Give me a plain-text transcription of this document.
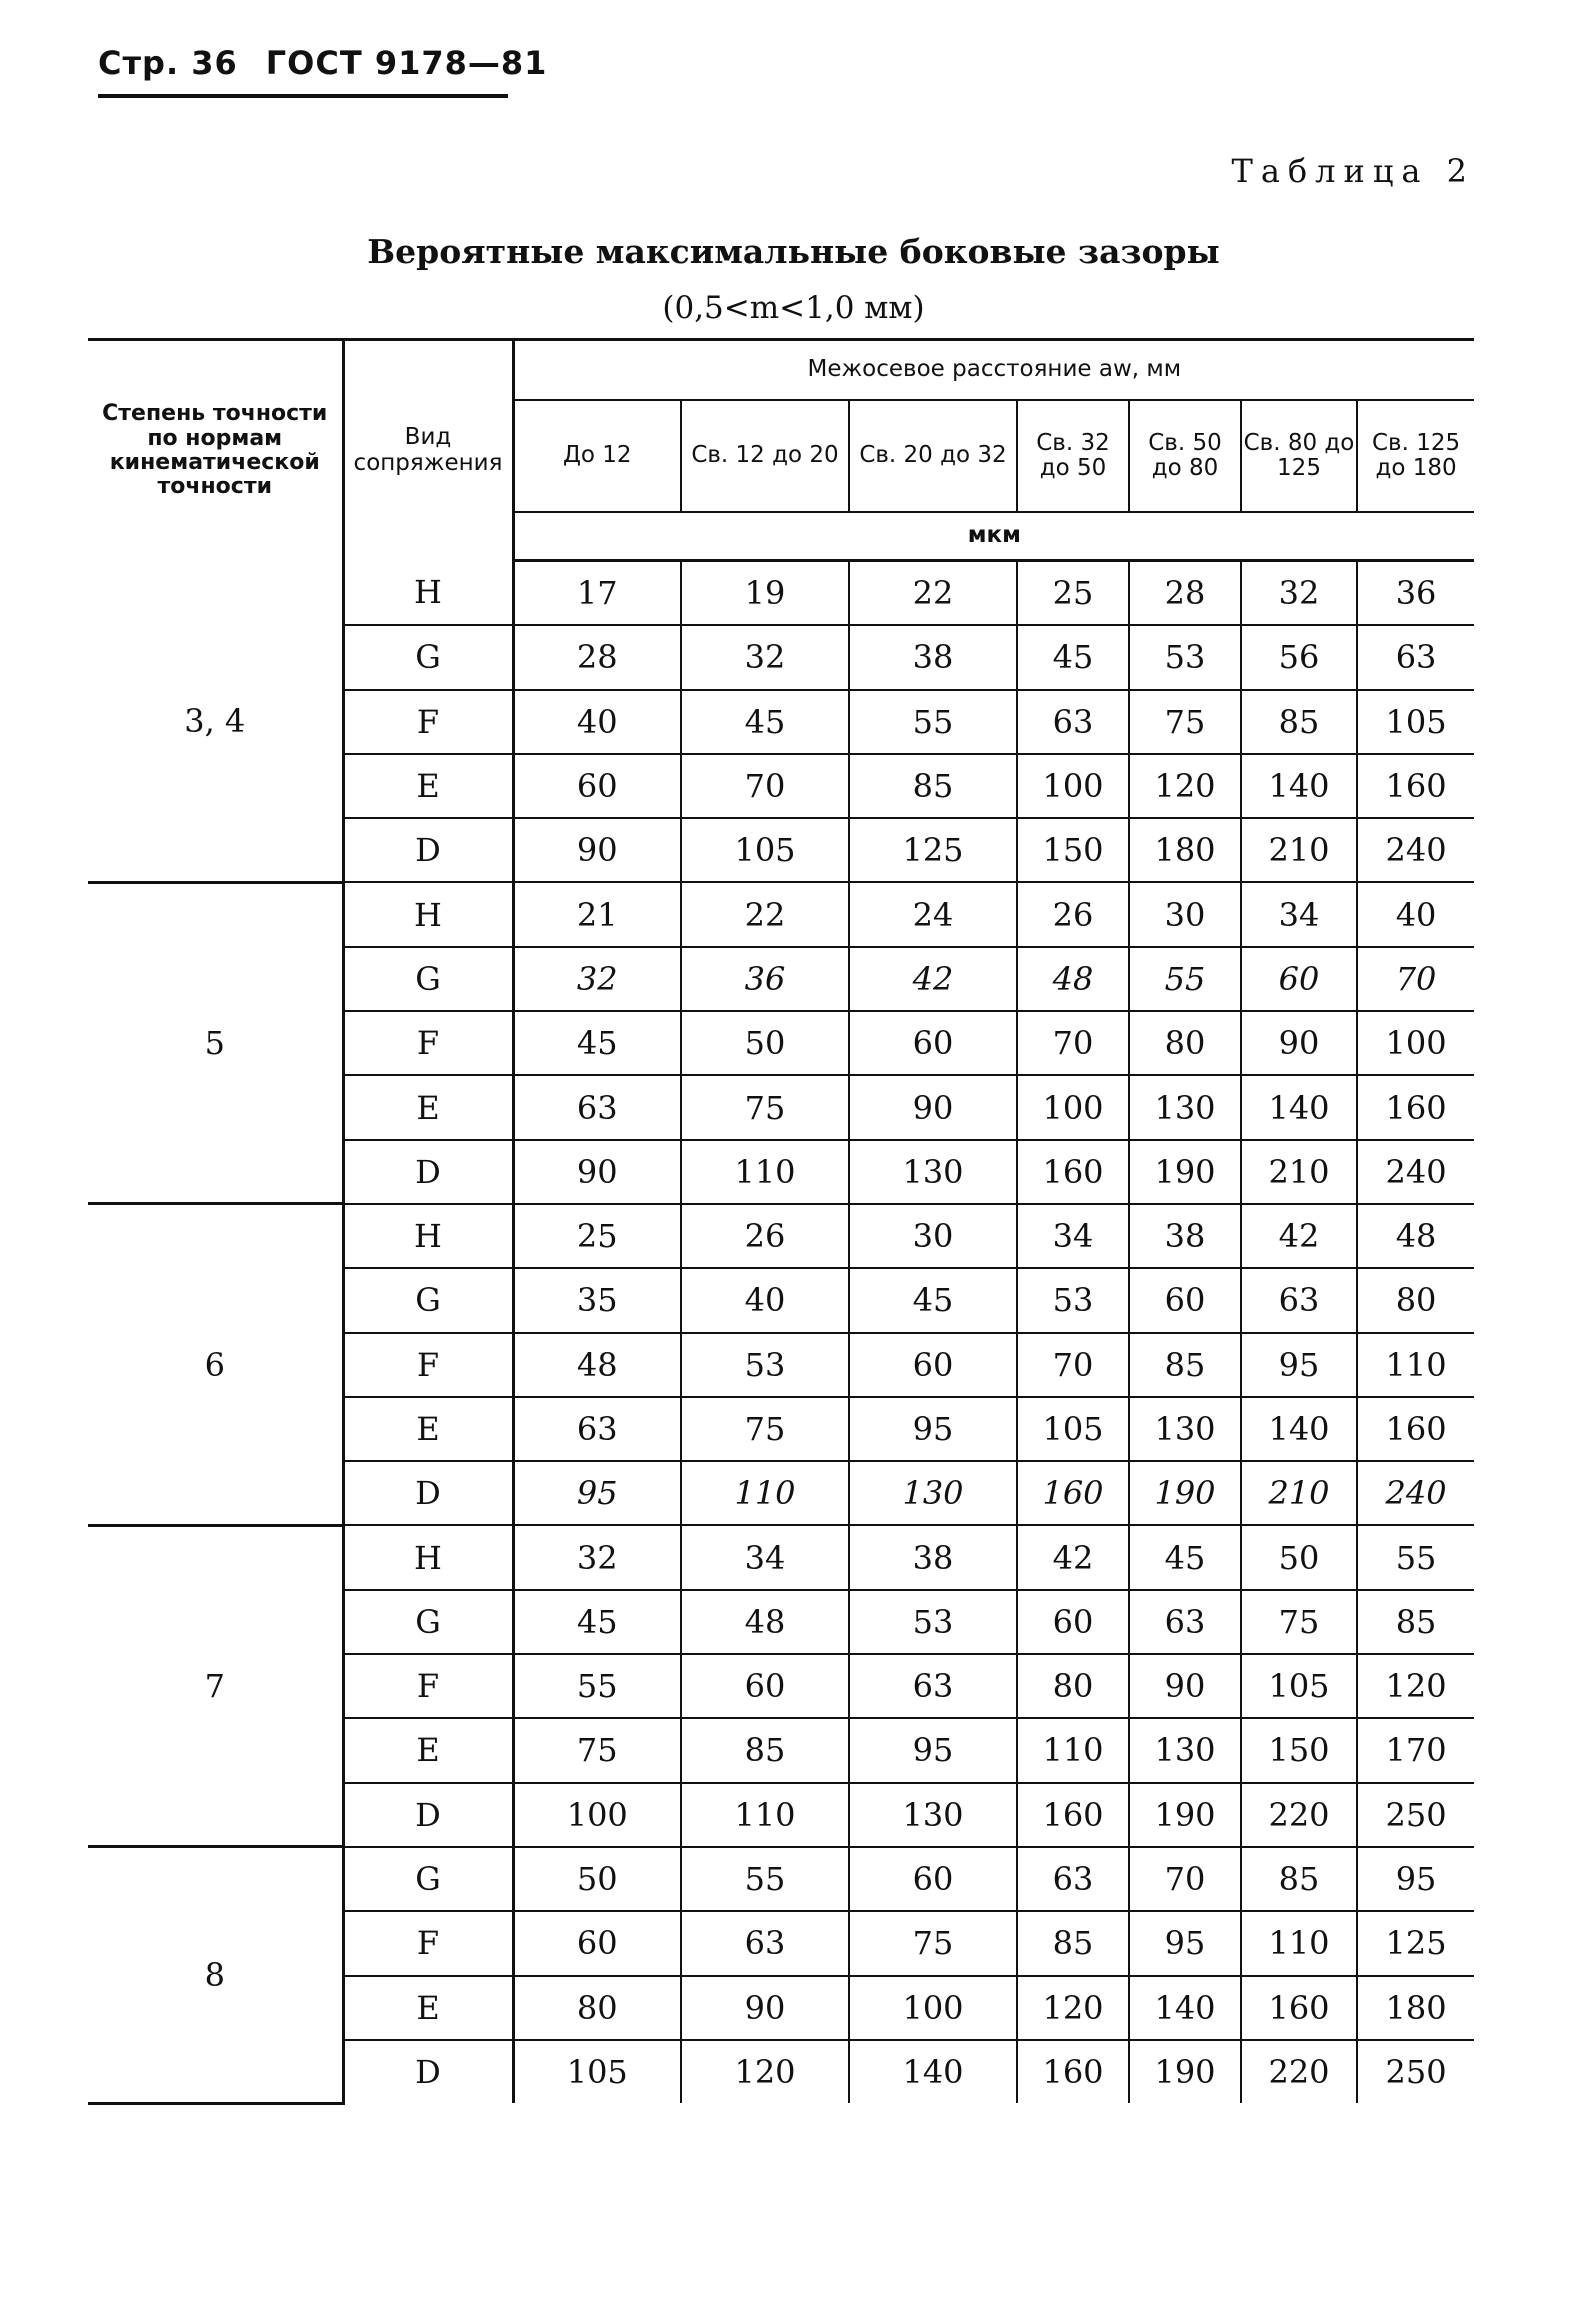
Стр. 36 ГОСТ 9178—81
Таблица 2
Вероятные максимальные боковые зазоры
(0,5<m<1,0 мм)
Степень точности по нормам кинематической точности	Вид сопряжения	Межосевое расстояние aw, мм						
		До 12	Св. 12 до 20	Св. 20 до 32	Св. 32 до 50	Св. 50 до 80	Св. 80 до 125	Св. 125 до 180
		мкм						
3, 4	H	17	19	22	25	28	32	36
	G	28	32	38	45	53	56	63
	F	40	45	55	63	75	85	105
	E	60	70	85	100	120	140	160
	D	90	105	125	150	180	210	240
5	H	21	22	24	26	30	34	40
	G	32	36	42	48	55	60	70
	F	45	50	60	70	80	90	100
	E	63	75	90	100	130	140	160
	D	90	110	130	160	190	210	240
6	H	25	26	30	34	38	42	48
	G	35	40	45	53	60	63	80
	F	48	53	60	70	85	95	110
	E	63	75	95	105	130	140	160
	D	95	110	130	160	190	210	240
7	H	32	34	38	42	45	50	55
	G	45	48	53	60	63	75	85
	F	55	60	63	80	90	105	120
	E	75	85	95	110	130	150	170
	D	100	110	130	160	190	220	250
8	G	50	55	60	63	70	85	95
	F	60	63	75	85	95	110	125
	E	80	90	100	120	140	160	180
	D	105	120	140	160	190	220	250
